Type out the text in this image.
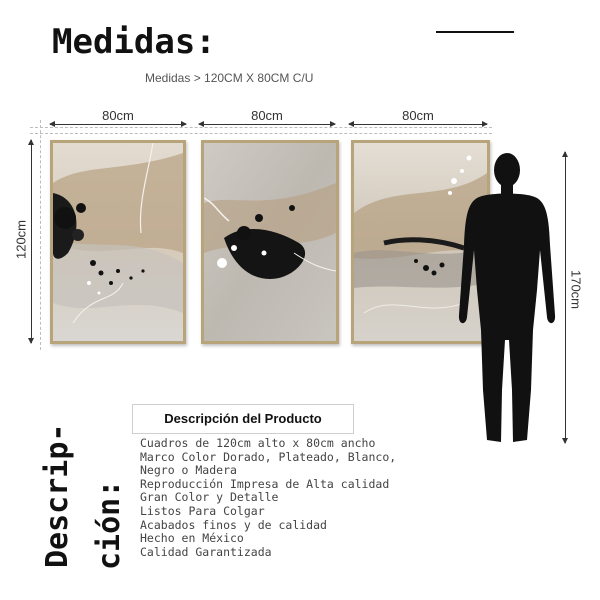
Medidas:
Medidas > 120CM X 80CM C/U
80cm	80cm	80cm
120cm
170cm
Descrip- ción:
Descripción del Producto
Cuadros de 120cm alto x 80cm ancho
Marco Color Dorado, Plateado, Blanco,
Negro o Madera
Reproducción Impresa de Alta calidad
Gran Color y Detalle
Listos Para Colgar
Acabados finos y de calidad
Hecho en México
Calidad Garantizada
